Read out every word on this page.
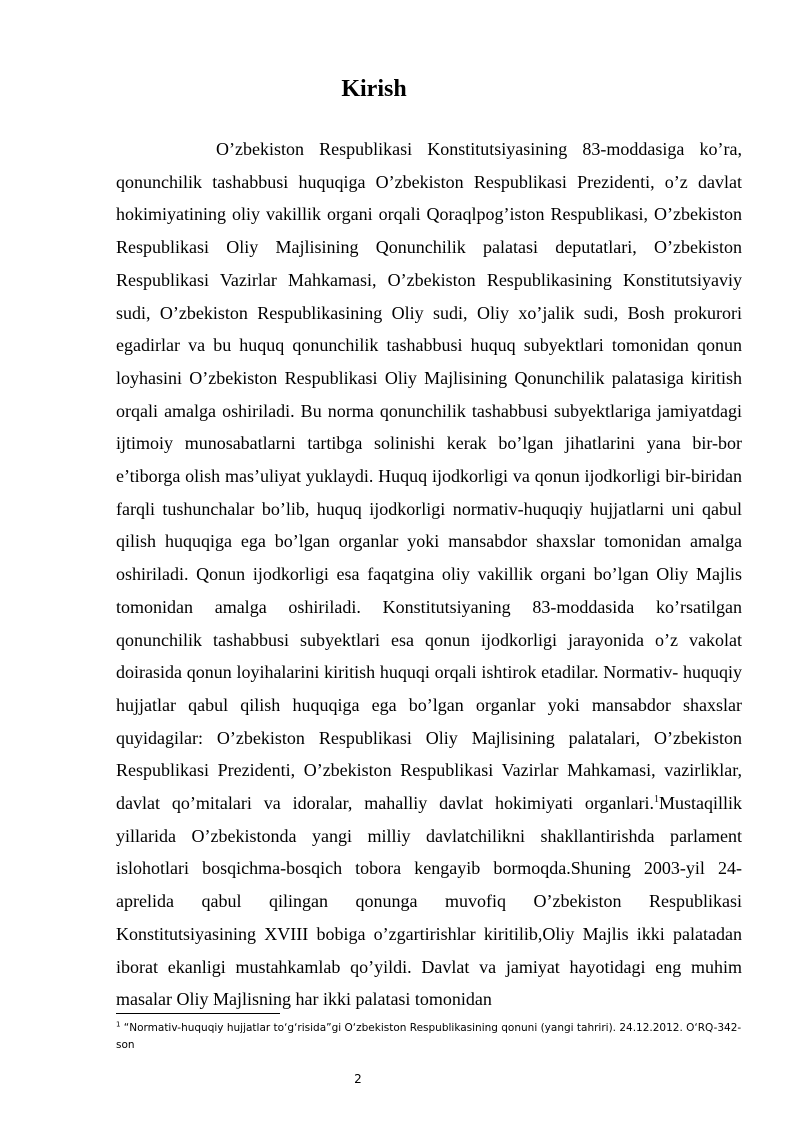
Kirish

O’zbekiston Respublikasi Konstitutsiyasining 83-moddasiga ko’ra, qonunchilik tashabbusi huquqiga O’zbekiston Respublikasi Prezidenti, o’z davlat hokimiyatining oliy vakillik organi orqali Qoraqlpog’iston Respublikasi, O’zbekiston Respublikasi Oliy Majlisining Qonunchilik palatasi deputatlari, O’zbekiston Respublikasi Vazirlar Mahkamasi, O’zbekiston Respublikasining Konstitutsiyaviy sudi, O’zbekiston Respublikasining Oliy sudi, Oliy xo’jalik sudi, Bosh prokurori egadirlar va bu huquq qonunchilik tashabbusi huquq subyektlari tomonidan qonun loyhasini O’zbekiston Respublikasi Oliy Majlisining Qonunchilik palatasiga kiritish orqali amalga oshiriladi. Bu norma qonunchilik tashabbusi subyektlariga jamiyatdagi ijtimoiy munosabatlarni tartibga solinishi kerak bo’lgan jihatlarini yana bir-bor e’tiborga olish mas’uliyat yuklaydi. Huquq ijodkorligi va qonun ijodkorligi bir-biridan farqli tushunchalar bo’lib, huquq ijodkorligi normativ-huquqiy hujjatlarni uni qabul qilish huquqiga ega bo’lgan organlar yoki mansabdor shaxslar tomonidan amalga oshiriladi. Qonun ijodkorligi esa faqatgina oliy vakillik organi bo’lgan Oliy Majlis tomonidan amalga oshiriladi. Konstitutsiyaning 83-moddasida ko’rsatilgan qonunchilik tashabbusi subyektlari esa qonun ijodkorligi jarayonida o’z vakolat doirasida qonun loyihalarini kiritish huquqi orqali ishtirok etadilar. Normativ- huquqiy hujjatlar qabul qilish huquqiga ega bo’lgan organlar yoki mansabdor shaxslar quyidagilar: O’zbekiston Respublikasi Oliy Majlisining palatalari, O’zbekiston Respublikasi Prezidenti, O’zbekiston Respublikasi Vazirlar Mahkamasi, vazirliklar, davlat qo’mitalari va idoralar, mahalliy davlat hokimiyati organlari.$^1$Mustaqillik yillarida O’zbekistonda yangi milliy davlatchilikni shakllantirishda parlament islohotlari bosqichma-bosqich tobora kengayib bormoqda.Shuning 2003-yil 24- aprelida qabul qilingan qonunga muvofiq O’zbekiston Respublikasi Konstitutsiyasining XVIII bobiga o’zgartirishlar kiritilib,Oliy Majlis ikki palatadan iborat ekanligi mustahkamlab qo’yildi. Davlat va jamiyat hayotidagi eng muhim masalar Oliy Majlisning har ikki palatasi tomonidan

$^1$ “Normativ-huquqiy hujjatlar to‘g‘risida”gi O‘zbekiston Respublikasining qonuni (yangi tahriri). 24.12.2012. O‘RQ-342-son

2
